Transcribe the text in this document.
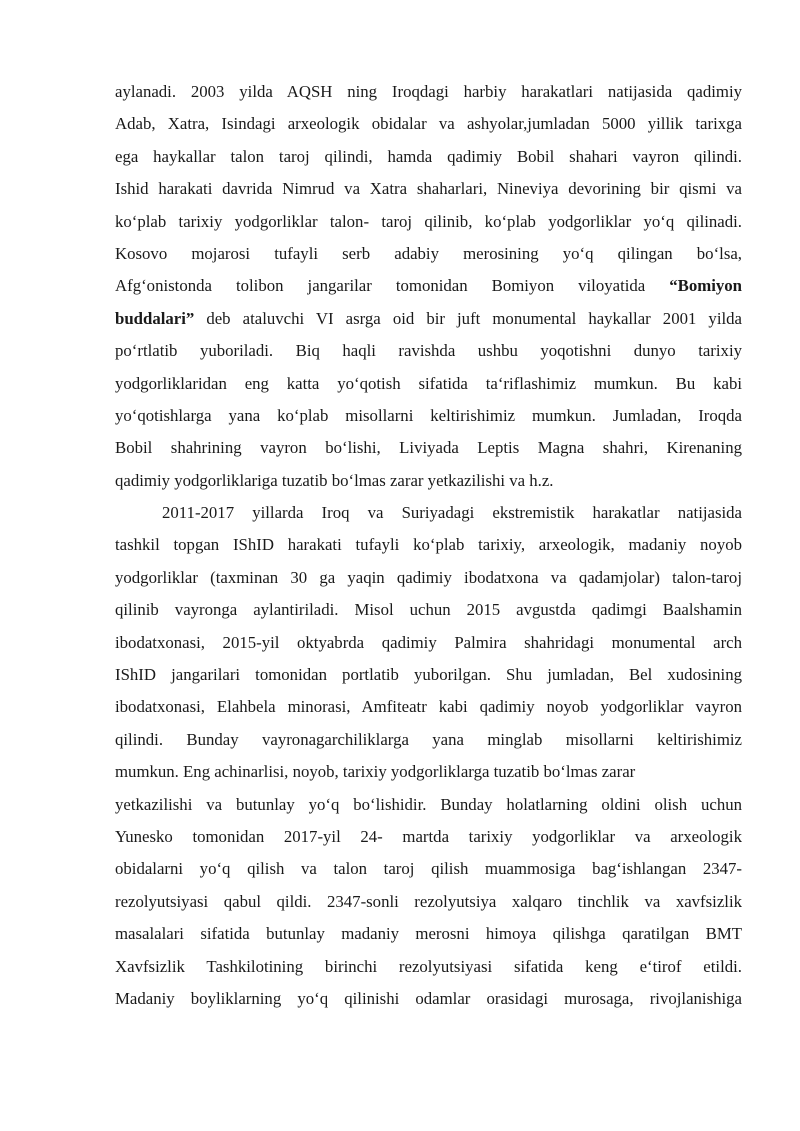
aylanadi. 2003 yilda AQSH ning Iroqdagi harbiy harakatlari natijasida qadimiy
Adab, Xatra, Isindagi arxeologik obidalar va ashyolar,jumladan 5000 yillik tarixga
ega haykallar talon taroj qilindi, hamda qadimiy Bobil shahari vayron qilindi.
Ishid harakati davrida Nimrud va Xatra shaharlari, Nineviya devorining bir qismi va
koʻplab tarixiy yodgorliklar talon- taroj qilinib, koʻplab yodgorliklar yoʻq qilinadi.
Kosovo mojarosi tufayli serb adabiy merosining yoʻq qilingan boʻlsa,
Afgʻonistonda tolibon jangarilar tomonidan Bomiyon viloyatida “Bomiyon
buddalari” deb ataluvchi VI asrga oid bir juft monumental haykallar 2001 yilda
poʻrtlatib yuboriladi. Biq haqli ravishda ushbu yoqotishni dunyo tarixiy
yodgorliklaridan eng katta yoʻqotish sifatida taʻriflashimiz mumkun. Bu kabi
yoʻqotishlarga yana koʻplab misollarni keltirishimiz mumkun. Jumladan, Iroqda
Bobil shahrining vayron boʻlishi, Liviyada Leptis Magna shahri, Kirenaning
qadimiy yodgorliklariga tuzatib boʻlmas zarar yetkazilishi va h.z.
2011-2017 yillarda Iroq va Suriyadagi ekstremistik harakatlar natijasida
tashkil topgan IShID harakati tufayli koʻplab tarixiy, arxeologik, madaniy noyob
yodgorliklar (taxminan 30 ga yaqin qadimiy ibodatxona va qadamjolar) talon-taroj
qilinib vayronga aylantiriladi. Misol uchun 2015 avgustda qadimgi Baalshamin
ibodatxonasi, 2015-yil oktyabrda qadimiy Palmira shahridagi monumental arch
IShID jangarilari tomonidan portlatib yuborilgan. Shu jumladan, Bel xudosining
ibodatxonasi, Elahbela minorasi, Amfiteatr kabi qadimiy noyob yodgorliklar vayron
qilindi. Bunday vayronagarchiliklarga yana minglab misollarni keltirishimiz
mumkun. Eng achinarlisi, noyob, tarixiy yodgorliklarga tuzatib boʻlmas zarar
yetkazilishi va butunlay yoʻq boʻlishidir. Bunday holatlarning oldini olish uchun
Yunesko tomonidan 2017-yil 24- martda tarixiy yodgorliklar va arxeologik
obidalarni yoʻq qilish va talon taroj qilish muammosiga bagʻishlangan 2347-
rezolyutsiyasi qabul qildi. 2347-sonli rezolyutsiya xalqaro tinchlik va xavfsizlik
masalalari sifatida butunlay madaniy merosni himoya qilishga qaratilgan BMT
Xavfsizlik Tashkilotining birinchi rezolyutsiyasi sifatida keng eʻtirof etildi.
Madaniy boyliklarning yoʻq qilinishi odamlar orasidagi murosaga, rivojlanishiga
